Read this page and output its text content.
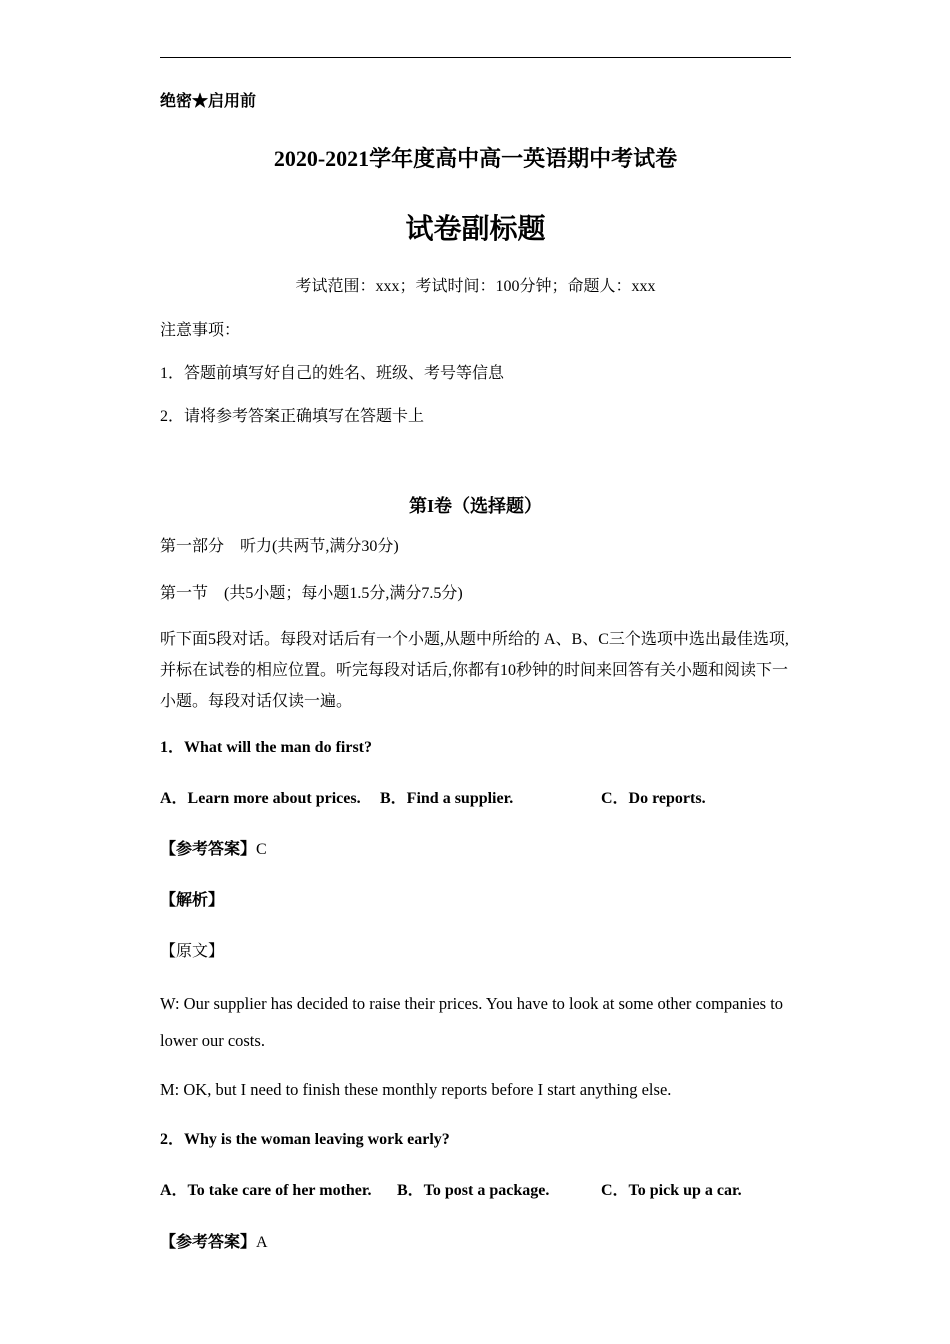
绝密★启用前
2020-2021学年度高中高一英语期中考试卷
试卷副标题
考试范围：xxx；考试时间：100分钟；命题人：xxx
注意事项：
1．答题前填写好自己的姓名、班级、考号等信息
2．请将参考答案正确填写在答题卡上
第I卷（选择题）
第一部分　听力(共两节,满分30分)
第一节　(共5小题；每小题1.5分,满分7.5分)
听下面5段对话。每段对话后有一个小题,从题中所给的 A、B、C三个选项中选出最佳选项,并标在试卷的相应位置。听完每段对话后,你都有10秒钟的时间来回答有关小题和阅读下一小题。每段对话仅读一遍。
1．What will the man do first?
A．Learn more about prices. B．Find a supplier.	C．Do reports.
【参考答案】C
【解析】
【原文】
W: Our supplier has decided to raise their prices. You have to look at some other companies to lower our costs.
M: OK, but I need to finish these monthly reports before I start anything else.
2．Why is the woman leaving work early?
A．To take care of her mother. B．To post a package.	C．To pick up a car.
【参考答案】A
